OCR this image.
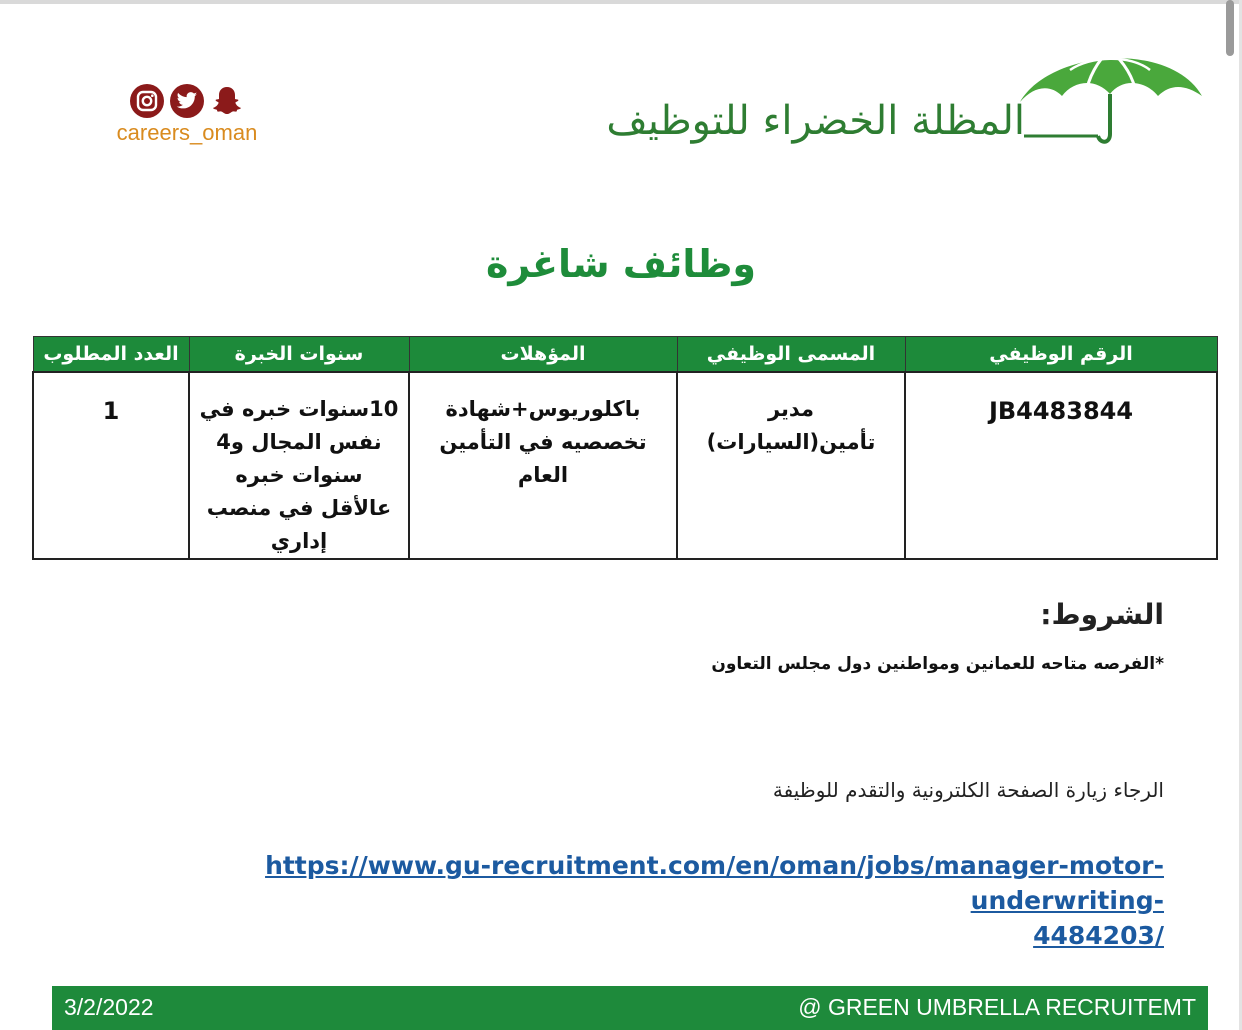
careers_oman	المظلة الخضراء للتوظيف
وظائف شاغرة
الرقم الوظيفي	المسمى الوظيفي	المؤهلات	سنوات الخبرة	العدد المطلوب
JB4483844	مدير تأمين(السيارات)	باكلوريوس+شهادة تخصصيه في التأمين العام	10سنوات خبره في نفس المجال و4 سنوات خبره عالأقل في منصب إداري	1
الشروط:
*الفرصه متاحه للعمانين ومواطنين دول مجلس التعاون
الرجاء زيارة الصفحة الكلترونية والتقدم للوظيفة
https://www.gu-recruitment.com/en/oman/jobs/manager-motor-underwriting-
4484203/
3/2/2022	@ GREEN UMBRELLA RECRUITEMT
